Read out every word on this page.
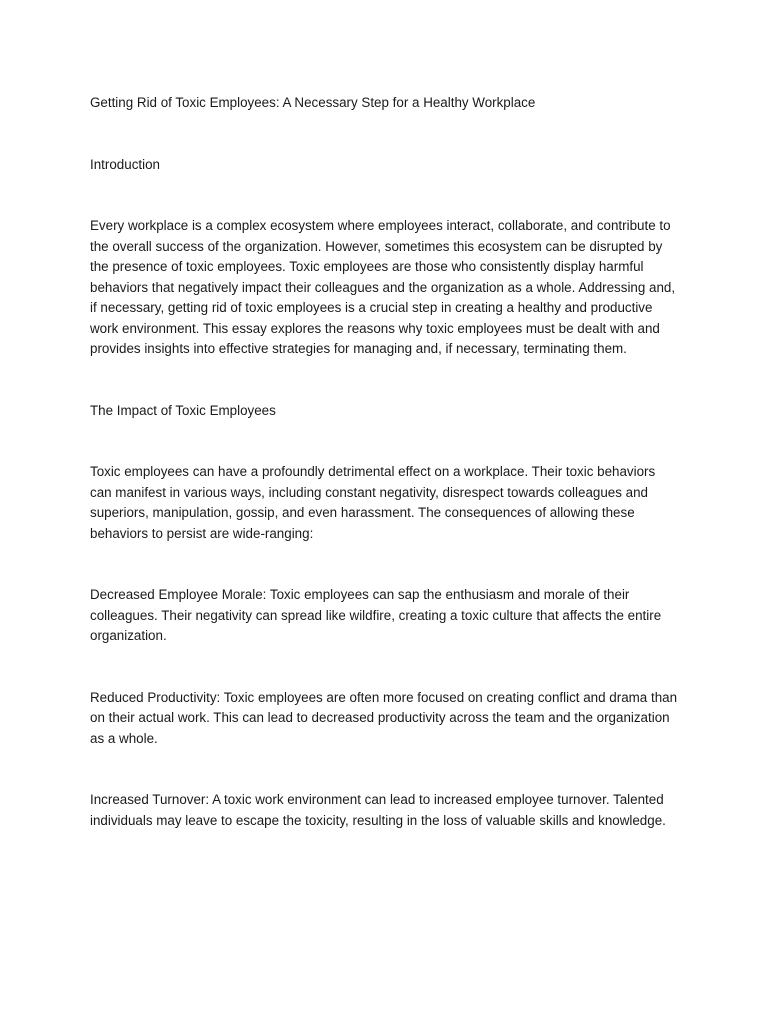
Getting Rid of Toxic Employees: A Necessary Step for a Healthy Workplace

Introduction

Every workplace is a complex ecosystem where employees interact, collaborate, and contribute to the overall success of the organization. However, sometimes this ecosystem can be disrupted by the presence of toxic employees. Toxic employees are those who consistently display harmful behaviors that negatively impact their colleagues and the organization as a whole. Addressing and, if necessary, getting rid of toxic employees is a crucial step in creating a healthy and productive work environment. This essay explores the reasons why toxic employees must be dealt with and provides insights into effective strategies for managing and, if necessary, terminating them.

The Impact of Toxic Employees

Toxic employees can have a profoundly detrimental effect on a workplace. Their toxic behaviors can manifest in various ways, including constant negativity, disrespect towards colleagues and superiors, manipulation, gossip, and even harassment. The consequences of allowing these behaviors to persist are wide-ranging:

Decreased Employee Morale: Toxic employees can sap the enthusiasm and morale of their colleagues. Their negativity can spread like wildfire, creating a toxic culture that affects the entire organization.

Reduced Productivity: Toxic employees are often more focused on creating conflict and drama than on their actual work. This can lead to decreased productivity across the team and the organization as a whole.

Increased Turnover: A toxic work environment can lead to increased employee turnover. Talented individuals may leave to escape the toxicity, resulting in the loss of valuable skills and knowledge.
